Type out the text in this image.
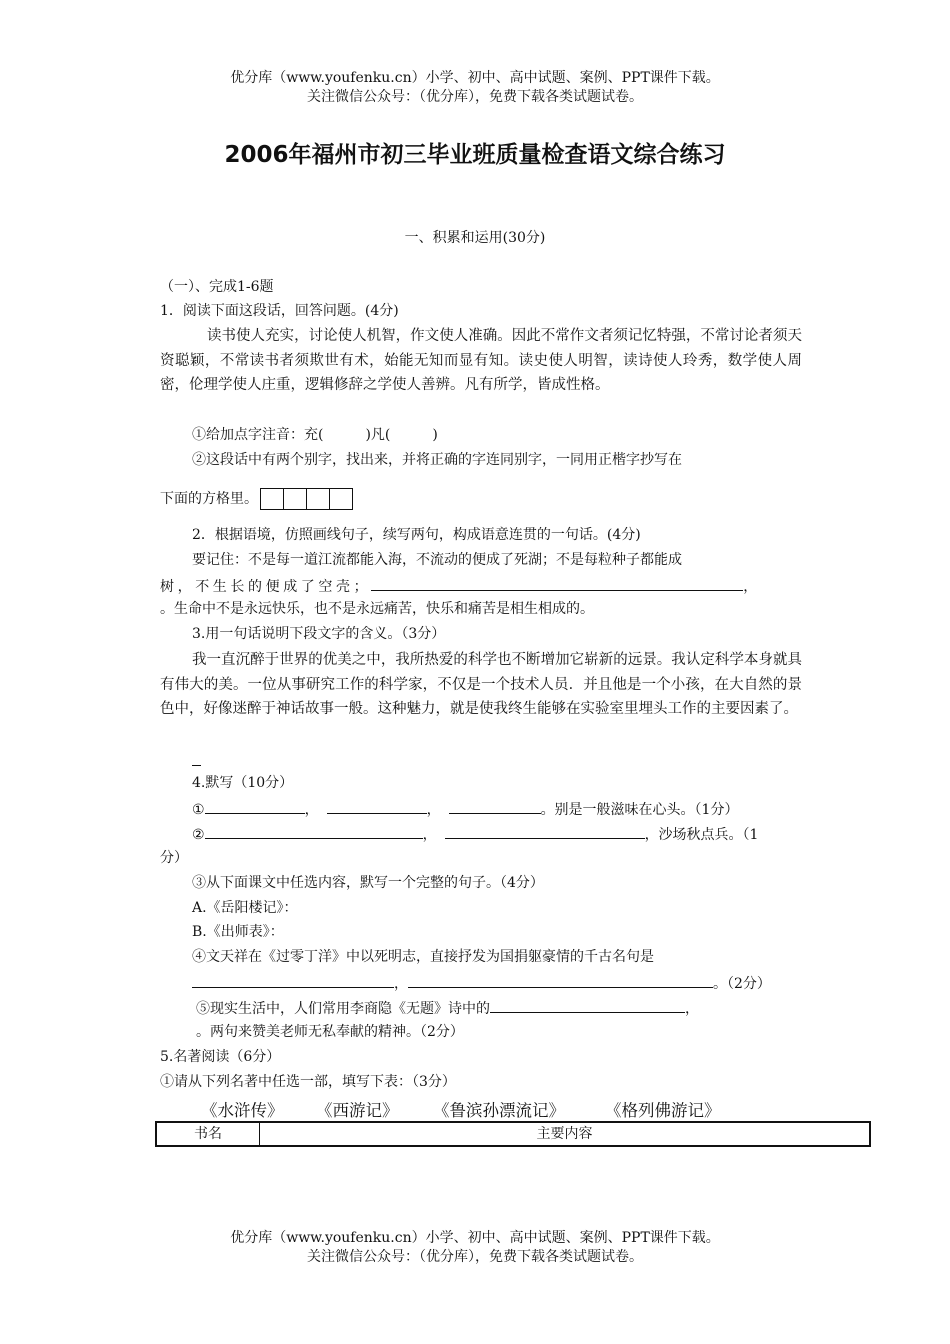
优分库（www.youfenku.cn）小学、初中、高中试题、案例、PPT课件下载。
关注微信公众号：（优分库），免费下载各类试题试卷。
2006年福州市初三毕业班质量检查语文综合练习
一、积累和运用(30分)
（一）、完成1-6题
1．阅读下面这段话，回答问题。(4分)
读书使人充实，讨论使人机智，作文使人准确。因此不常作文者须记忆特强，不常讨论者须天资聪颖，不常读书者须欺世有术，始能无知而显有知。读史使人明智，读诗使人玲秀，数学使人周密，伦理学使人庄重，逻辑修辞之学使人善辨。凡有所学，皆成性格。
①给加点字注音：充(　　　)凡(　　　)
②这段话中有两个别字，找出来，并将正确的字连同别字，一同用正楷字抄写在
下面的方格里。
2．根据语境，仿照画线句子，续写两句，构成语意连贯的一句话。(4分)
要记住：不是每一道江流都能入海，不流动的便成了死湖；不是每粒种子都能成
树，不生长的便成了空壳；	，
。生命中不是永远快乐，也不是永远痛苦，快乐和痛苦是相生相成的。
3.用一句话说明下段文字的含义。（3分）
我一直沉醉于世界的优美之中，我所热爱的科学也不断增加它崭新的远景。我认定科学本身就具有伟大的美。一位从事研究工作的科学家，不仅是一个技术人员．并且他是一个小孩，在大自然的景色中，好像迷醉于神话故事一般。这种魅力，就是使我终生能够在实验室里埋头工作的主要因素了。
4.默写（10分）
①	，	，	。别是一般滋味在心头。（1分）
②	，	，沙场秋点兵。（1
分）
③从下面课文中任选内容，默写一个完整的句子。（4分）
A.《岳阳楼记》：
B.《出师表》：
④文天祥在《过零丁洋》中以死明志，直接抒发为国捐躯豪情的千古名句是
，	。（2分）
⑤现实生活中，人们常用李商隐《无题》诗中的	，
。两句来赞美老师无私奉献的精神。（2分）
5.名著阅读（6分）
①请从下列名著中任选一部，填写下表：（3分）
《水浒传》 《西游记》 《鲁滨孙漂流记》 《格列佛游记》
书名	主要内容
优分库（www.youfenku.cn）小学、初中、高中试题、案例、PPT课件下载。
关注微信公众号：（优分库），免费下载各类试题试卷。
